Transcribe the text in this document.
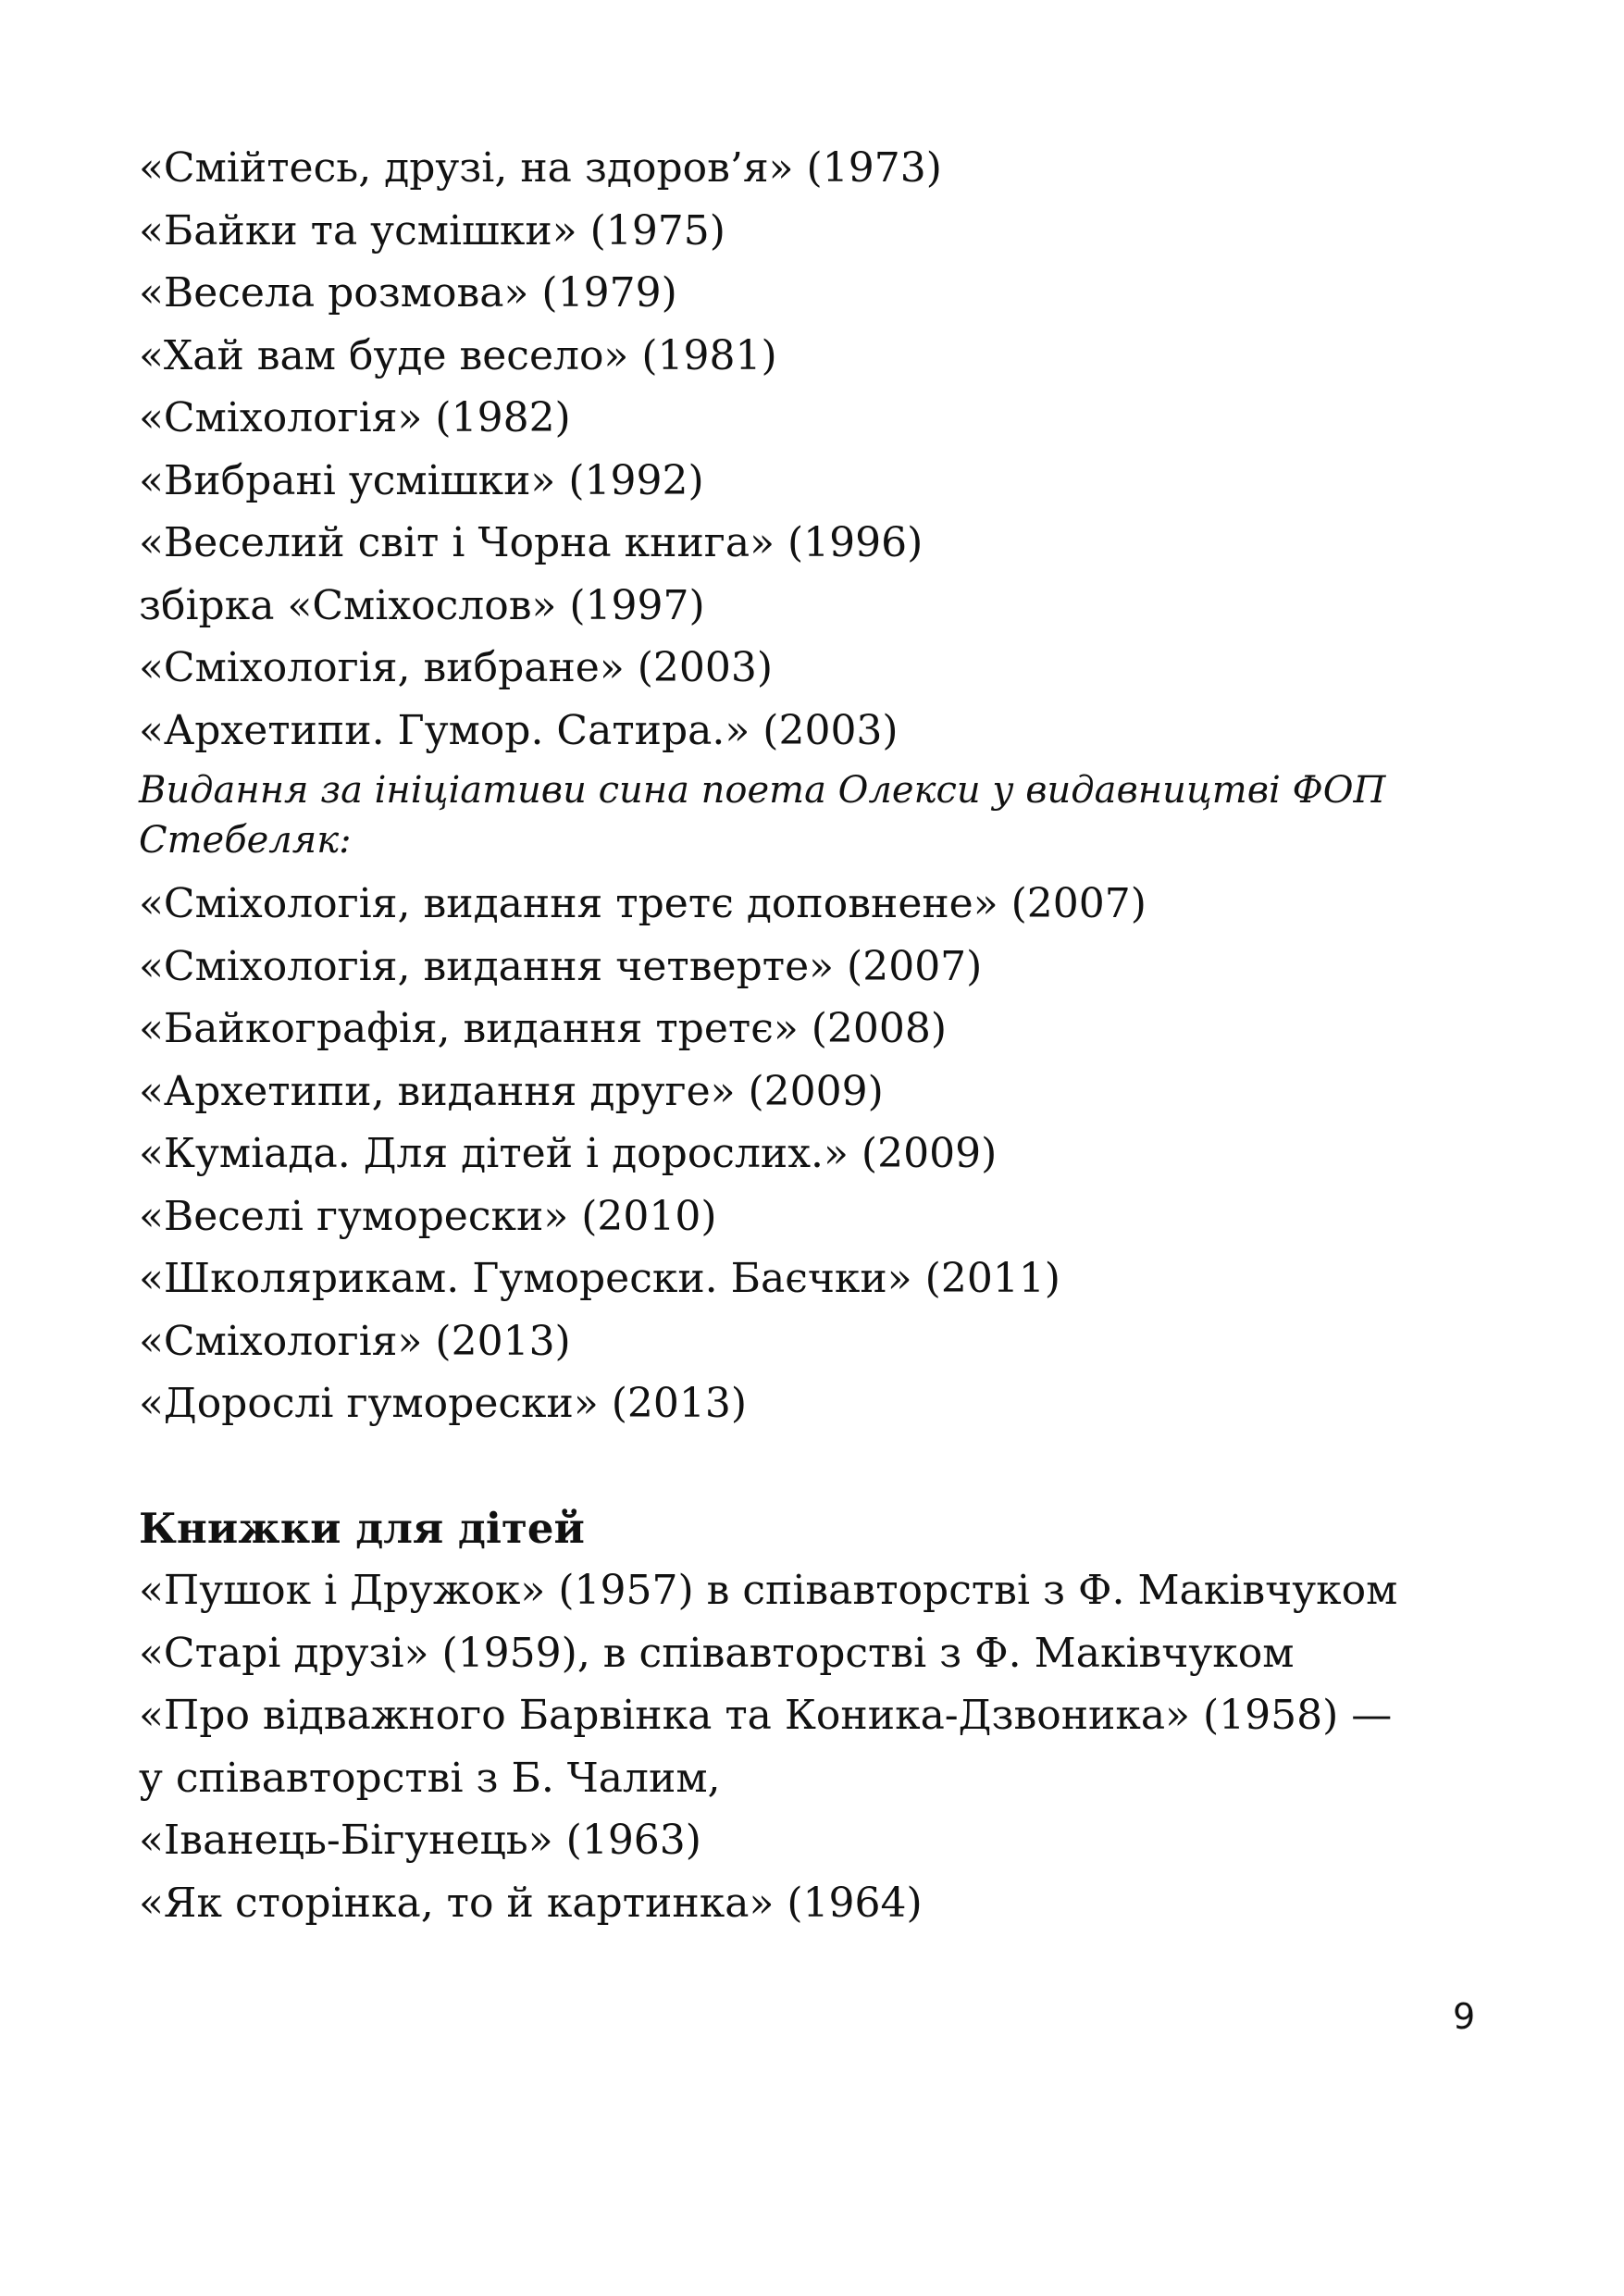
«Смійтесь, друзі, на здоров’я» (1973)

«Байки та усмішки» (1975)

«Весела розмова» (1979)

«Хай вам буде весело» (1981)

«Сміхологія» (1982)

«Вибрані усмішки» (1992)

«Веселий світ і Чорна книга» (1996)

збірка «Сміхослов» (1997)

«Сміхологія, вибране» (2003)

«Архетипи. Гумор. Сатира.» (2003)

Видання за ініціативи сина поета Олекси у видавництві ФОП

Стебеляк:

«Сміхологія, видання третє доповнене» (2007)

«Сміхологія, видання четверте» (2007)

«Байкографія, видання третє» (2008)

«Архетипи, видання друге» (2009)

«Куміада. Для дітей і дорослих.» (2009)

«Веселі гуморески» (2010)

«Школярикам. Гуморески. Баєчки» (2011)

«Сміхологія» (2013)

«Дорослі гуморески» (2013)

Книжки для дітей

«Пушок і Дружок» (1957) в співавторстві з Ф. Маківчуком

«Старі друзі» (1959), в співавторстві з Ф. Маківчуком

«Про відважного Барвінка та Коника-Дзвоника» (1958) —

у співавторстві з Б. Чалим,

«Іванець-Бігунець» (1963)

«Як сторінка, то й картинка» (1964)

9
